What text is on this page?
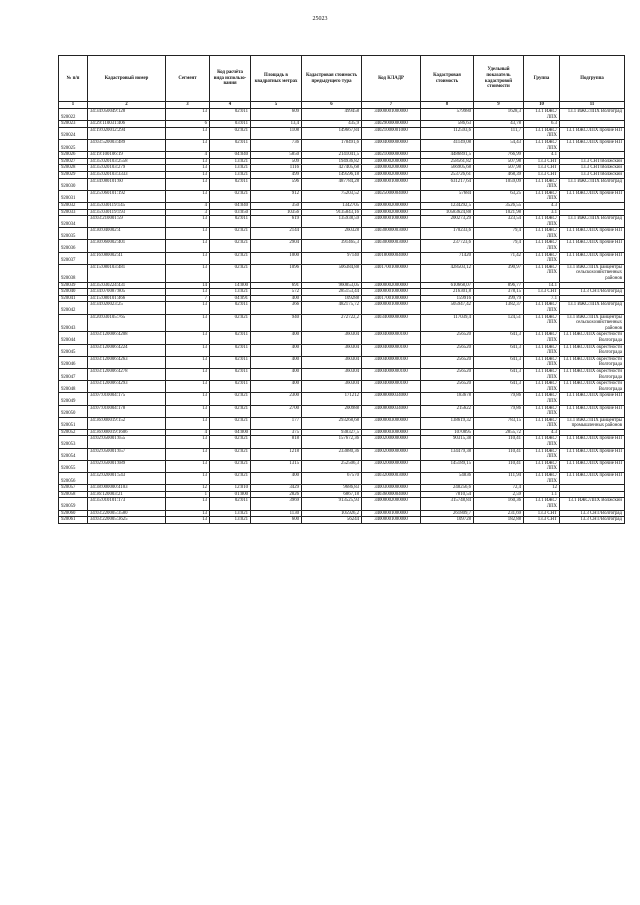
25023
№ п/п	Кадастровый номер	Сегмент	Код расчёта вида использо-вания	Площадь в квадратных метрах	Кадастровая стоимость предыдущего тура	Код КЛАДР	Кадастровая стоимость	Удельный показатель кадастровой стоимости	Группа	Подгруппа
1	2	3	4	5	6	7	8	9	10	11
920022	34:34:050049:128	13	02:011	609	499458	34000001000000	579980	1628,3	13.1 ИЖС/ЛПХ	13.1 ИЖС/ЛПХ Волгоград
920023	34:29:110031:406	6	03:011	13,4	435,9	34029000000000	586,63	43,78	6.3	
920024	34:19:020012:294	13	02:021	1108	149667,84	34021000001000	112593,6	111,7	13.1 ИЖС/ЛПХ	13.1 ИЖС/ЛПХ прочие НП
920025	34:03:520003:489	13	02:011	736	178491,6	34004000000000	41149,08	54,43	13.1 ИЖС/ЛПХ	13.1 ИЖС/ЛПХ прочие НП
920026	34:19:100106:19	4	04:040	5850	2141041,5	34021000000000	4486891,5	766,99	4.1	
920027	34:35:020103:2558	13	13:021	509	194936,82	34000002000000	258561,82	507,98	13.3 СНТ	13.3 СНТ/Волжский
920028	34:35:020103:279	13	13:021	1116	427405,68	34000002000000	566905,68	507,98	13.3 СНТ	13.3 СНТ/Волжский
920029	34:35:020103:3333	13	13:021	499	149596,18	34000002000000	253726,61	468,39	13.3 СНТ	13.3 СНТ/Волжский
920030	34:34:080101:60	13	02:011	596	487784,28	34000001000000	631217,64	1059,09	13.1 ИЖС/ЛПХ	13.1 ИЖС/ЛПХ Волгоград
920031	34:25:060101:192	13	02:021	912	75203,52	34025000004000	57684	63,25	13.1 ИЖС/ЛПХ	13.1 ИЖС/ЛПХ прочие НП
920032	34:35:030119:145	4	04:040	350	1342705	34000002000000	1234292,5	3526,55	4.3	
920033	34:35:030119:193	3	03:050	10356	9135843,16	34000002000000	10583624,88	1021,98	3.1	
920034	34:03:210001:59	13	02:011	619	135938,59	34000001000000	200273,29	323,54	13.1 ИЖС/ЛПХ	13.1 ИЖС/ЛПХ Волгоград
920035	34:30:040002:4	13	02:021	2144	260328	34030000003000	170233,6	79,4	13.1 ИЖС/ЛПХ	13.1 ИЖС/ЛПХ прочие НП
920036	34:30:060002:401	13	02:021	2904	391465,3	34030000003000	237723,6	79,4	13.1 ИЖС/ЛПХ	13.1 ИЖС/ЛПХ прочие НП
920037	34:16:080002:41	13	02:021	1000	97140	34018000004000	71420	71,42	13.1 ИЖС/ЛПХ	13.1 ИЖС/ЛПХ прочие НП
920038	34:15:080103:481	13	02:021	1096	506384,88	34017001000000	428503,12	390,97	13.1 ИЖС/ЛПХ	13.1 ИЖС/ЛПХ райцентры сельскохозяйственных районов
920039	34:35:030224:431	14	14:000	691	960853,05	34000002000000	610668,07	896,77	14.1	
920040	34:34:070087:805	13	13:021	572	285153,44	34000001000000	216301,8	378,15	13.3 СНТ	13.3 СНТ/Волгоград
920041	34:15:080101:466	7	04:091	400	109288	34017001000000	159916	399,79	7.1	
920042	34:34:020023:25	13	02:011	366	482175,72	34000001000000	505947,42	1382,37	13.1 ИЖС/ЛПХ	13.1 ИЖС/ЛПХ Волгоград
920043	34:20:030105:765	13	02:021	940	272722,2	34034000000000	117039,4	124,51	13.1 ИЖС/ЛПХ	13.1 ИЖС/ЛПХ райцентры сельскохозяйственных районов
920044	34:03:120006:4208	13	02:011	400	360304	34004000000100	256520	641,3	13.1 ИЖС/ЛПХ	13.1 ИЖС/ЛПХ окрестности Волгограда
920045	34:03:120006:4224	13	02:011	400	360304	34004000000100	256520	641,3	13.1 ИЖС/ЛПХ	13.1 ИЖС/ЛПХ окрестности Волгограда
920046	34:03:120006:4263	13	02:011	400	360304	34004000000100	256520	641,3	13.1 ИЖС/ЛПХ	13.1 ИЖС/ЛПХ окрестности Волгограда
920047	34:03:120006:4278	13	02:011	400	360304	34004000000100	256520	641,3	13.1 ИЖС/ЛПХ	13.1 ИЖС/ЛПХ окрестности Волгограда
920048	34:03:120006:4293	13	02:011	400	360304	34004000000100	256520	641,3	13.1 ИЖС/ЛПХ	13.1 ИЖС/ЛПХ окрестности Волгограда
920049	34:07:010004:175	13	02:021	2300	171212	34008000034000	183678	79,86	13.1 ИЖС/ЛПХ	13.1 ИЖС/ЛПХ прочие НП
920050	34:07:010004:178	13	02:021	2700	200988	34008000034000	215622	79,86	13.1 ИЖС/ЛПХ	13.1 ИЖС/ЛПХ прочие НП
920051	34:36:000019:152	13	02:021	177	293268,68	34000003000000	138619,32	783,15	13.1 ИЖС/ЛПХ	13.1 ИЖС/ЛПХ райцентры промышленных районов
920052	34:36:000019:1606	4	04:000	375	938327,5	34000003000000	1070895	2855,72	4.3	
920053	34:02:050001:655	13	02:021	818	157672,36	34002000000000	90315,38	110,41	13.1 ИЖС/ЛПХ	13.1 ИЖС/ЛПХ прочие НП
920054	34:02:050001:657	13	02:021	1218	233880,36	34002000000000	134479,38	110,41	13.1 ИЖС/ЛПХ	13.1 ИЖС/ЛПХ прочие НП
920055	34:02:050001:689	13	02:021	1315	252506,3	34002000000000	145189,15	110,41	13.1 ИЖС/ЛПХ	13.1 ИЖС/ЛПХ прочие НП
920056	34:32:020001:543	13	02:021	400	67570	34032000003000	54836	111,94	13.1 ИЖС/ЛПХ	13.1 ИЖС/ЛПХ прочие НП
920057	34:38:000000:4103	12	12:010	3429	9686,83	34003000000000	248256,6	72,4	12	
920058	34:36:120003:21	1	01:000	2826	6867,18	34036000004000	7810,54	2,59	1.1	
920059	34:35:010101:173	13	02:011	3969	913525,93	34000002000000	315748,84	160,36	13.1 ИЖС/ЛПХ	13.1 ИЖС/ЛПХ Волжский
920060	34:03:220005:3580	13	13:021	1130	105926,2	34000001000000	261809,7	231,69	13.3 СНТ	13.3 СНТ/Волгоград
920061	34:03:220005:3625	13	13:021	600	56244	34000001000000	109728	182,88	13.3 СНТ	13.3 СНТ/Волгоград
